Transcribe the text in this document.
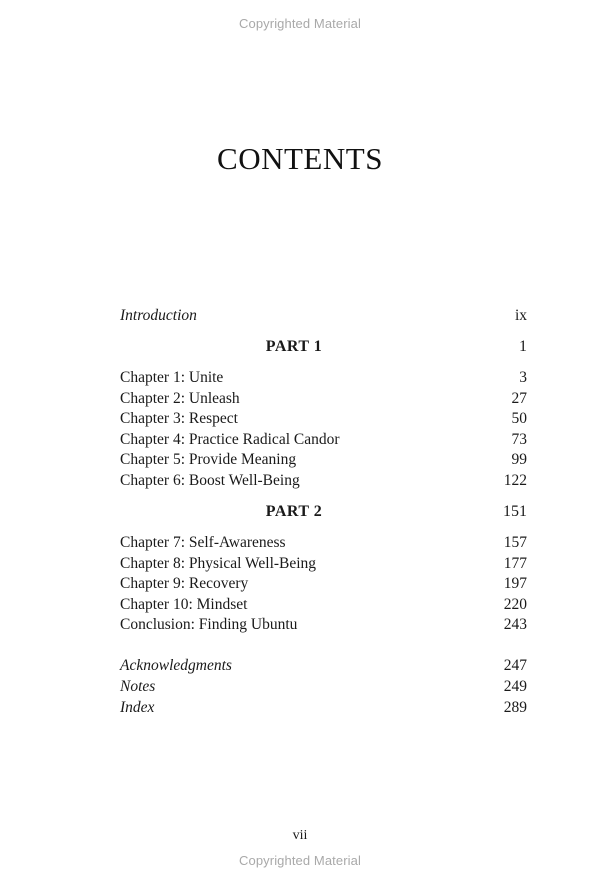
Copyrighted Material
CONTENTS
Introduction	ix
PART 1	1
Chapter 1: Unite	3
Chapter 2: Unleash	27
Chapter 3: Respect	50
Chapter 4: Practice Radical Candor	73
Chapter 5: Provide Meaning	99
Chapter 6: Boost Well-Being	122
PART 2	151
Chapter 7: Self-Awareness	157
Chapter 8: Physical Well-Being	177
Chapter 9: Recovery	197
Chapter 10: Mindset	220
Conclusion: Finding Ubuntu	243
Acknowledgments	247
Notes	249
Index	289
vii
Copyrighted Material
